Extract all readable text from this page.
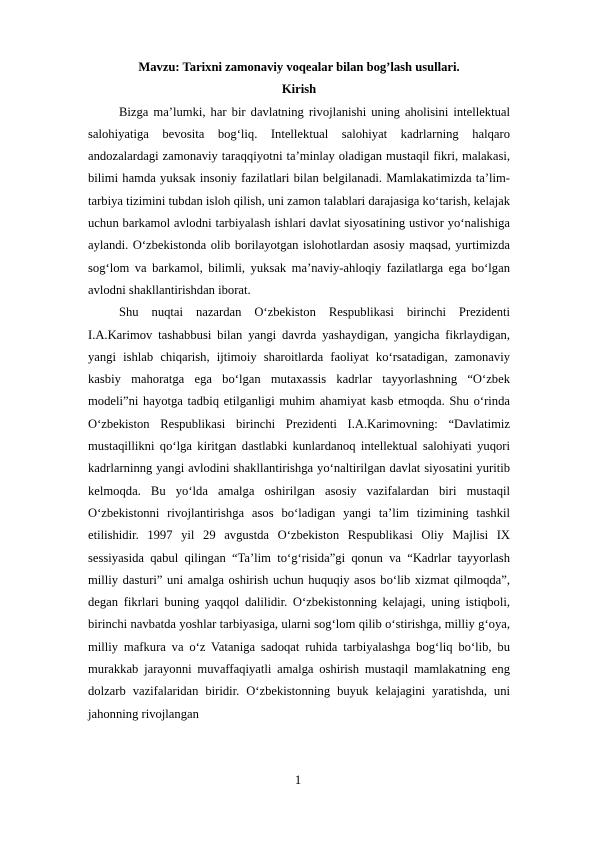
Mavzu: Tarixni zamonaviy voqealar bilan bog’lash usullari.

Kirish

Bizga ma’lumki, har bir davlatning rivojlanishi uning aholisini intellektual salohiyatiga bevosita bog‘liq. Intellektual salohiyat kadrlarning halqaro andozalardagi zamonaviy taraqqiyotni ta’minlay oladigan mustaqil fikri, malakasi, bilimi hamda yuksak insoniy fazilatlari bilan belgilanadi. Mamlakatimizda ta’lim-tarbiya tizimini tubdan isloh qilish, uni zamon talablari darajasiga ko‘tarish, kelajak uchun barkamol avlodni tarbiyalash ishlari davlat siyosatining ustivor yo‘nalishiga aylandi. O‘zbekistonda olib borilayotgan islohotlardan asosiy maqsad, yurtimizda sog‘lom va barkamol, bilimli, yuksak ma’naviy-ahloqiy fazilatlarga ega bo‘lgan avlodni shakllantirishdan iborat.

Shu nuqtai nazardan O‘zbekiston Respublikasi birinchi Prezidenti I.A.Karimov tashabbusi bilan yangi davrda yashaydigan, yangicha fikrlaydigan, yangi ishlab chiqarish, ijtimoiy sharoitlarda faoliyat ko‘rsatadigan, zamonaviy kasbiy mahoratga ega bo‘lgan mutaxassis kadrlar tayyorlashning “O‘zbek modeli”ni hayotga tadbiq etilganligi muhim ahamiyat kasb etmoqda. Shu o‘rinda O‘zbekiston Respublikasi birinchi Prezidenti I.A.Karimovning: “Davlatimiz mustaqillikni qo‘lga kiritgan dastlabki kunlardanoq intellektual salohiyati yuqori kadrlarninng yangi avlodini shakllantirishga yo‘naltirilgan davlat siyosatini yuritib kelmoqda. Bu yo‘lda amalga oshirilgan asosiy vazifalardan biri mustaqil O‘zbekistonni rivojlantirishga asos bo‘ladigan yangi ta’lim tizimining tashkil etilishidir. 1997 yil 29 avgustda O‘zbekiston Respublikasi Oliy Majlisi IX sessiyasida qabul qilingan “Ta’lim to‘g‘risida”gi qonun va “Kadrlar tayyorlash milliy dasturi” uni amalga oshirish uchun huquqiy asos bo‘lib xizmat qilmoqda”, degan fikrlari buning yaqqol dalilidir. O‘zbekistonning kelajagi, uning istiqboli, birinchi navbatda yoshlar tarbiyasiga, ularni sog‘lom qilib o‘stirishga, milliy g‘oya, milliy mafkura va o‘z Vataniga sadoqat ruhida tarbiyalashga bog‘liq bo‘lib, bu murakkab jarayonni muvaffaqiyatli amalga oshirish mustaqil mamlakatning eng dolzarb vazifalaridan biridir. O‘zbekistonning buyuk kelajagini yaratishda, uni jahonning rivojlangan

1
